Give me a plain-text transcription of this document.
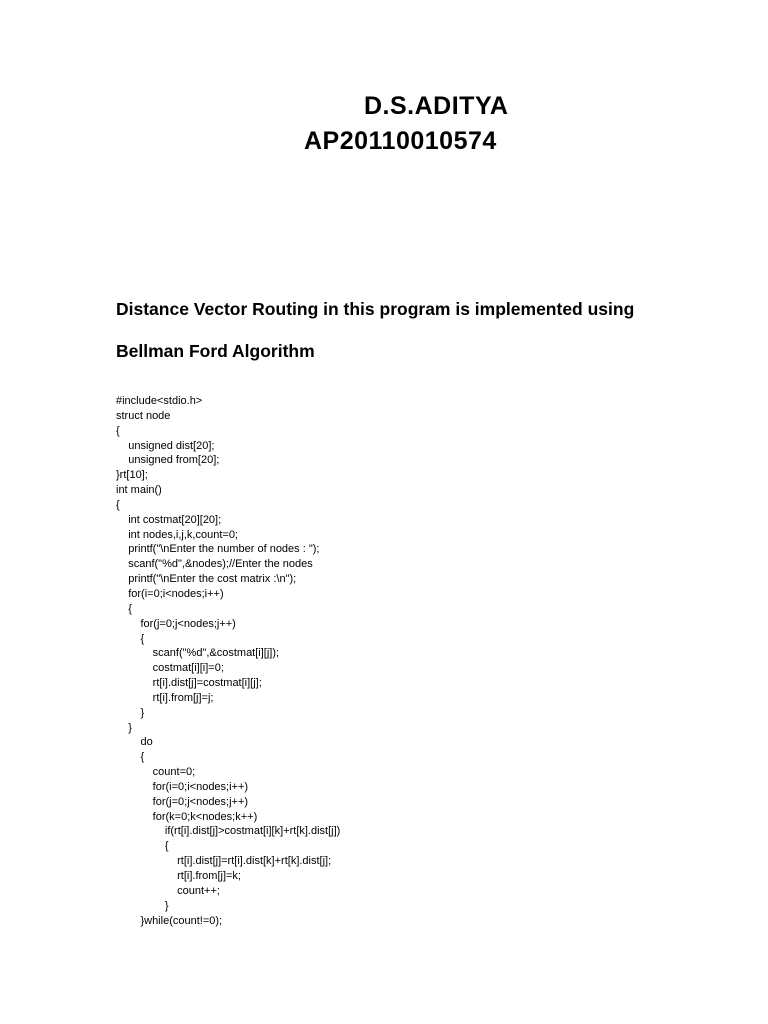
D.S.ADITYA
AP20110010574
Distance Vector Routing in this program is implemented using
Bellman Ford Algorithm
#include<stdio.h>
struct node
{
unsigned dist[20];
unsigned from[20];
}rt[10];
int main()
{
int costmat[20][20];
int nodes,i,j,k,count=0;
printf("\nEnter the number of nodes : ");
scanf("%d",&nodes);//Enter the nodes
printf("\nEnter the cost matrix :\n");
for(i=0;i<nodes;i++)
{
for(j=0;j<nodes;j++)
{
scanf("%d",&costmat[i][j]);
costmat[i][i]=0;
rt[i].dist[j]=costmat[i][j];
rt[i].from[j]=j;
}
}
do
{
count=0;
for(i=0;i<nodes;i++)
for(j=0;j<nodes;j++)
for(k=0;k<nodes;k++)
if(rt[i].dist[j]>costmat[i][k]+rt[k].dist[j])
{
rt[i].dist[j]=rt[i].dist[k]+rt[k].dist[j];
rt[i].from[j]=k;
count++;
}
}while(count!=0);
